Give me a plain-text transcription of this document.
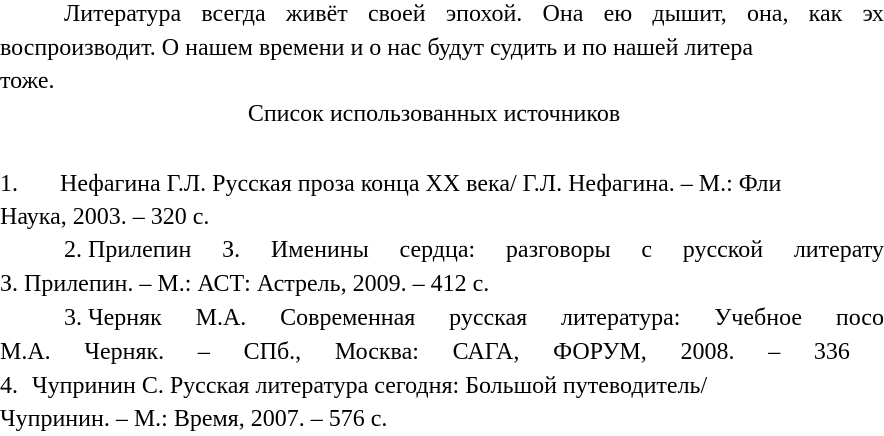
Литература всегда живёт своей эпохой. Она ею дышит, она, как эх
воспроизводит. О нашем времени и о нас будут судить и по нашей литера
тоже.
Список использованных источников
1. Нефагина Г.Л. Русская проза конца XX века/ Г.Л. Нефагина. – М.: Фли
Наука, 2003. – 320 с.
2. Прилепин З. Именины сердца: разговоры с русской литерату
З. Прилепин. – М.: АСТ: Астрель, 2009. – 412 с.
3. Черняк М.А. Современная русская литература: Учебное посо
М.А. Черняк. – СПб., Москва: САГА, ФОРУМ, 2008. – 336
4. Чупринин С. Русская литература сегодня: Большой путеводитель/
Чупринин. – М.: Время, 2007. – 576 с.
